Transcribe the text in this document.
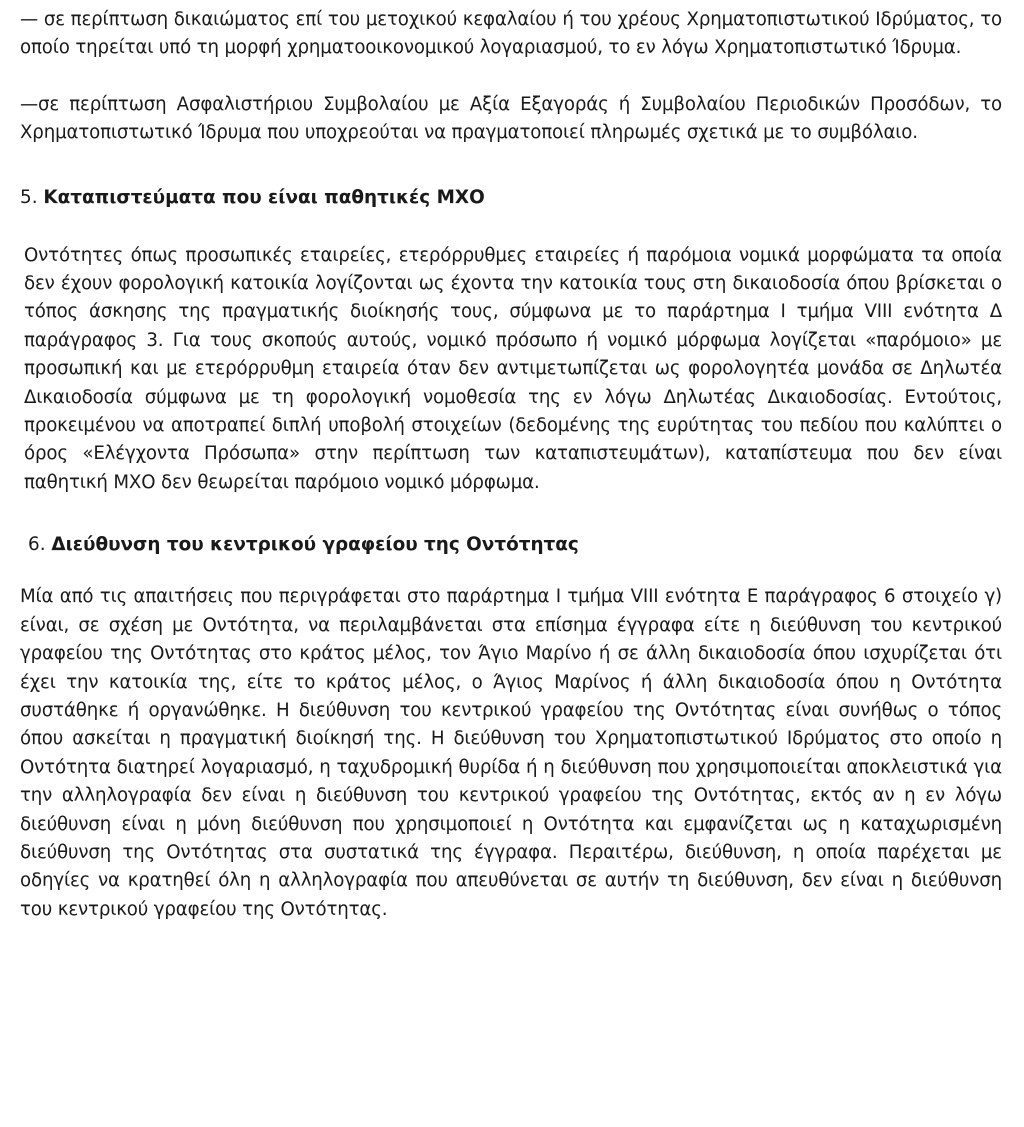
— σε περίπτωση δικαιώματος επί του μετοχικού κεφαλαίου ή του χρέους Χρηματοπιστωτικού Ιδρύματος, το οποίο τηρείται υπό τη μορφή χρηματοοικονομικού λογαριασμού, το εν λόγω Χρηματοπιστωτικό Ίδρυμα.

—σε περίπτωση Ασφαλιστήριου Συμβολαίου με Αξία Εξαγοράς ή Συμβολαίου Περιοδικών Προσόδων, το Χρηματοπιστωτικό Ίδρυμα που υποχρεούται να πραγματοποιεί πληρωμές σχετικά με το συμβόλαιο.

5. Καταπιστεύματα που είναι παθητικές ΜΧΟ

Οντότητες όπως προσωπικές εταιρείες, ετερόρρυθμες εταιρείες ή παρόμοια νομικά μορφώματα τα οποία δεν έχουν φορολογική κατοικία λογίζονται ως έχοντα την κατοικία τους στη δικαιοδοσία όπου βρίσκεται ο τόπος άσκησης της πραγματικής διοίκησής τους, σύμφωνα με το παράρτημα Ι τμήμα VIII ενότητα Δ παράγραφος 3. Για τους σκοπούς αυτούς, νομικό πρόσωπο ή νομικό μόρφωμα λογίζεται «παρόμοιο» με προσωπική και με ετερόρρυθμη εταιρεία όταν δεν αντιμετωπίζεται ως φορολογητέα μονάδα σε Δηλωτέα Δικαιοδοσία σύμφωνα με τη φορολογική νομοθεσία της εν λόγω Δηλωτέας Δικαιοδοσίας. Εντούτοις, προκειμένου να αποτραπεί διπλή υποβολή στοιχείων (δεδομένης της ευρύτητας του πεδίου που καλύπτει ο όρος «Ελέγχοντα Πρόσωπα» στην περίπτωση των καταπιστευμάτων), καταπίστευμα που δεν είναι παθητική ΜΧΟ δεν θεωρείται παρόμοιο νομικό μόρφωμα.

6. Διεύθυνση του κεντρικού γραφείου της Οντότητας

Μία από τις απαιτήσεις που περιγράφεται στο παράρτημα Ι τμήμα VIII ενότητα Ε παράγραφος 6 στοιχείο γ) είναι, σε σχέση με Οντότητα, να περιλαμβάνεται στα επίσημα έγγραφα είτε η διεύθυνση του κεντρικού γραφείου της Οντότητας στο κράτος μέλος, τον Άγιο Μαρίνο ή σε άλλη δικαιοδοσία όπου ισχυρίζεται ότι έχει την κατοικία της, είτε το κράτος μέλος, ο Άγιος Μαρίνος ή άλλη δικαιοδοσία όπου η Οντότητα συστάθηκε ή οργανώθηκε. Η διεύθυνση του κεντρικού γραφείου της Οντότητας είναι συνήθως ο τόπος όπου ασκείται η πραγματική διοίκησή της. Η διεύθυνση του Χρηματοπιστωτικού Ιδρύματος στο οποίο η Οντότητα διατηρεί λογαριασμό, η ταχυδρομική θυρίδα ή η διεύθυνση που χρησιμοποιείται αποκλειστικά για την αλληλογραφία δεν είναι η διεύθυνση του κεντρικού γραφείου της Οντότητας, εκτός αν η εν λόγω διεύθυνση είναι η μόνη διεύθυνση που χρησιμοποιεί η Οντότητα και εμφανίζεται ως η καταχωρισμένη διεύθυνση της Οντότητας στα συστατικά της έγγραφα. Περαιτέρω, διεύθυνση, η οποία παρέχεται με οδηγίες να κρατηθεί όλη η αλληλογραφία που απευθύνεται σε αυτήν τη διεύθυνση, δεν είναι η διεύθυνση του κεντρικού γραφείου της Οντότητας.
